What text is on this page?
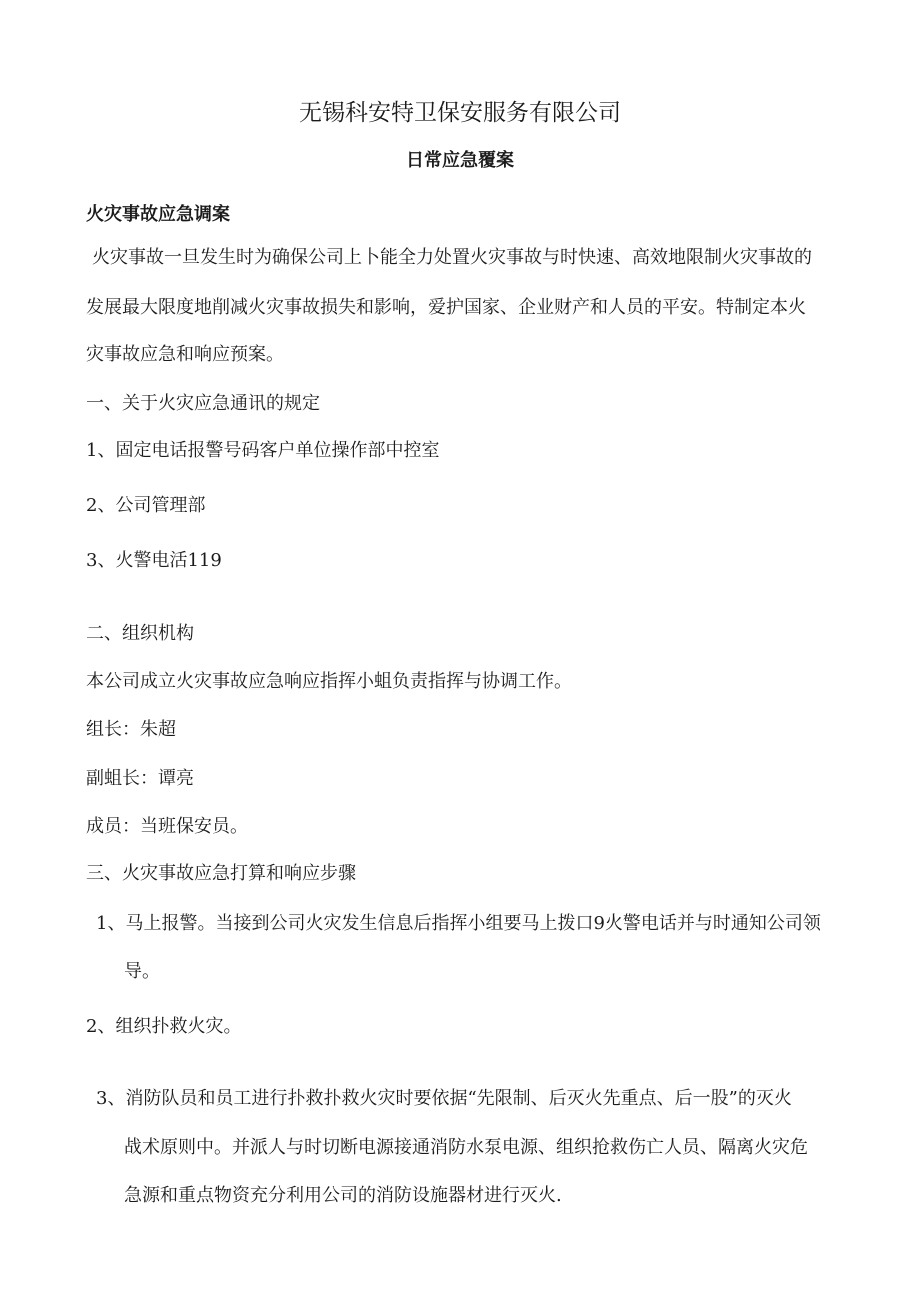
无锡科安特卫保安服务有限公司
日常应急覆案
火灾事故应急调案
火灾事故一旦发生时为确保公司上卜能全力处置火灾事故与时快速、高效地限制火灾事故的
发展最大限度地削减火灾事故损失和影响，爱护国家、企业财产和人员的平安。特制定本火
灾事故应急和响应预案。
一、关于火灾应急通讯的规定
1、固定电话报警号码客户单位操作部中控室
2、公司管理部
3、火警电活119
二、组织机构
本公司成立火灾事故应急响应指挥小蛆负责指挥与协调工作。
组长：朱超
副蛆长：谭亮
成员：当班保安员。
三、火灾事故应急打算和响应步骤
1、马上报警。当接到公司火灾发生信息后指挥小组要马上拨口9火警电话并与时通知公司领
导。
2、组织扑救火灾。
3、消防队员和员工进行扑救扑救火灾时要依据“先限制、后灭火先重点、后一股”的灭火
战术原则中。并派人与时切断电源接通消防水泵电源、组织抢救伤亡人员、隔离火灾危
急源和重点物资充分利用公司的消防设施器材进行灭火.
